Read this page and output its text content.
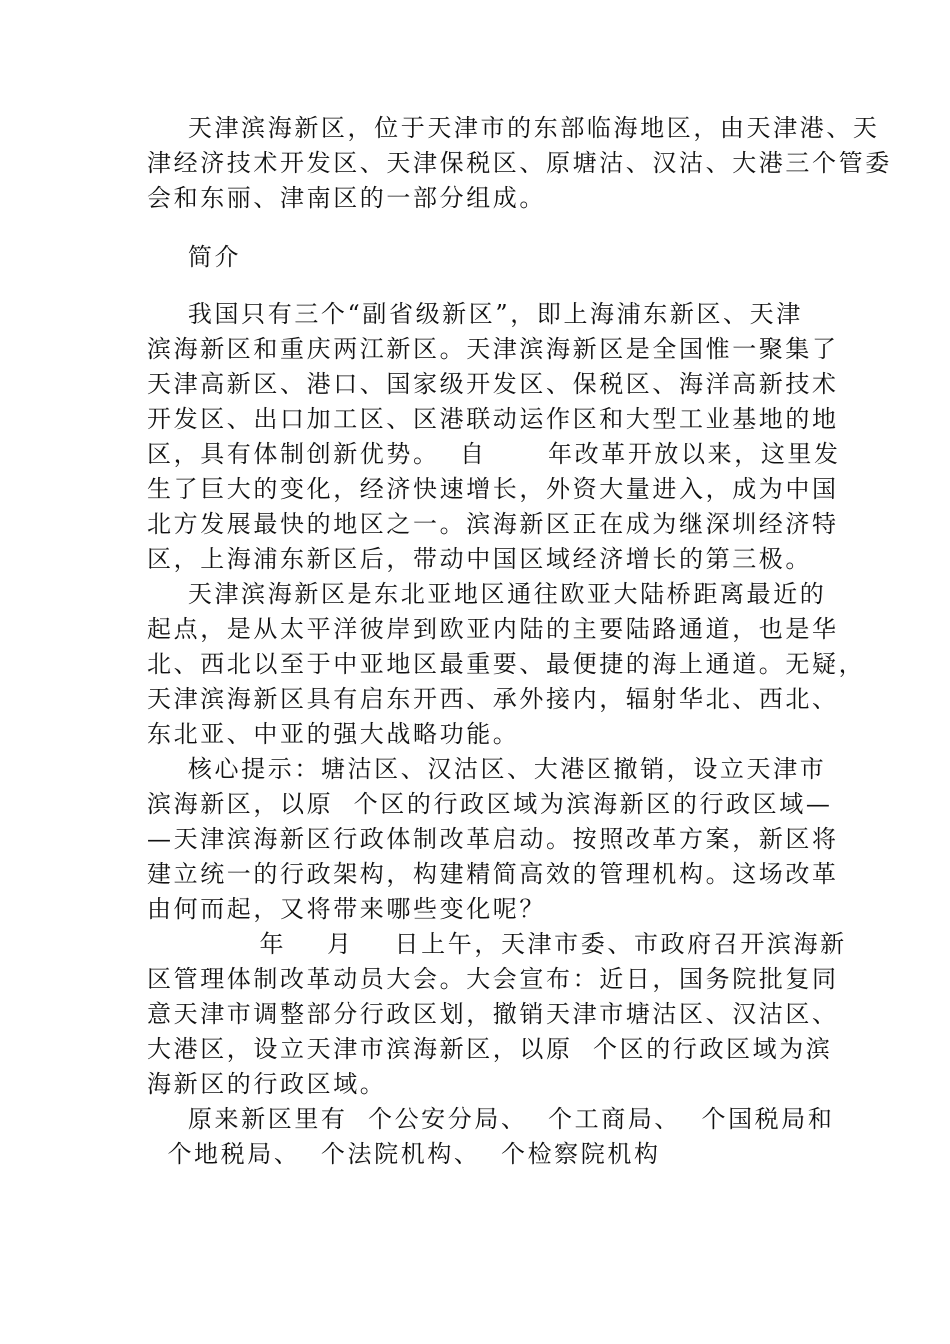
天津滨海新区，位于天津市的东部临海地区，由天津港、天
津经济技术开发区、天津保税区、原塘沽、汉沽、大港三个管委
会和东丽、津南区的一部分组成。
简介
我国只有三个“副省级新区”，即上海浦东新区、天津
滨海新区和重庆两江新区。天津滨海新区是全国惟一聚集了
天津高新区、港口、国家级开发区、保税区、海洋高新技术
开发区、出口加工区、区港联动运作区和大型工业基地的地
区，具有体制创新优势。  自      年改革开放以来，这里发
生了巨大的变化，经济快速增长，外资大量进入，成为中国
北方发展最快的地区之一。滨海新区正在成为继深圳经济特
区，上海浦东新区后，带动中国区域经济增长的第三极。
天津滨海新区是东北亚地区通往欧亚大陆桥距离最近的
起点，是从太平洋彼岸到欧亚内陆的主要陆路通道，也是华
北、西北以至于中亚地区最重要、最便捷的海上通道。无疑，
天津滨海新区具有启东开西、承外接内，辐射华北、西北、
东北亚、中亚的强大战略功能。
核心提示：塘沽区、汉沽区、大港区撤销，设立天津市
滨海新区，以原  个区的行政区域为滨海新区的行政区域—
—天津滨海新区行政体制改革启动。按照改革方案，新区将
建立统一的行政架构，构建精简高效的管理机构。这场改革
由何而起，又将带来哪些变化呢？
年    月    日上午，天津市委、市政府召开滨海新
区管理体制改革动员大会。大会宣布：近日，国务院批复同
意天津市调整部分行政区划，撤销天津市塘沽区、汉沽区、
大港区，设立天津市滨海新区，以原  个区的行政区域为滨
海新区的行政区域。
原来新区里有  个公安分局、  个工商局、  个国税局和
个地税局、  个法院机构、  个检察院机构
